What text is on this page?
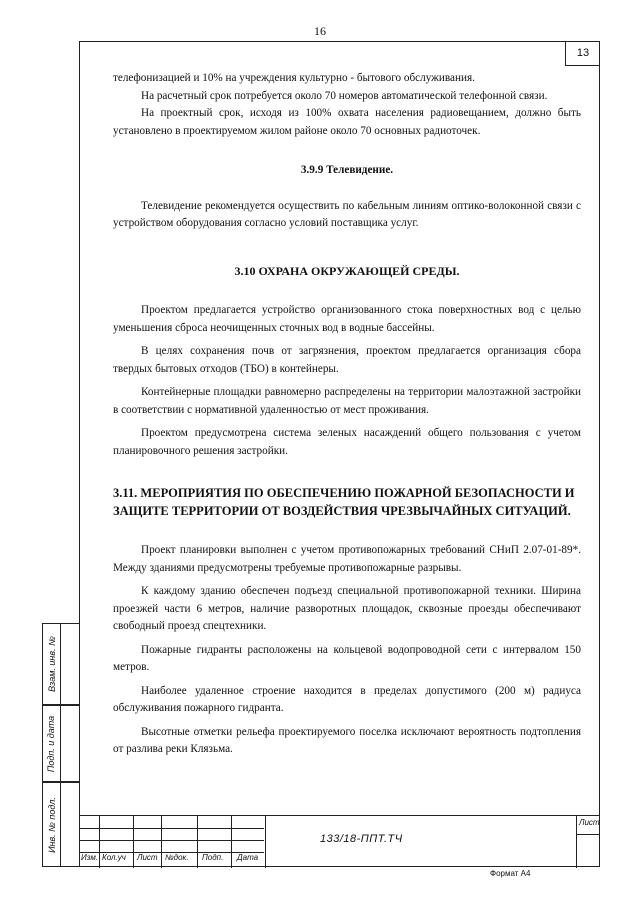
16
13
Взам. инв. №
Подп. и дата
Инв. № подл.

телефонизацией и 10% на учреждения культурно - бытового обслуживания.

На расчетный срок потребуется около 70 номеров автоматической телефонной связи.

На проектный срок, исходя из 100% охвата населения радиовещанием, должно быть установлено в проектируемом жилом районе около 70 основных радиоточек.

3.9.9 Телевидение.

Телевидение рекомендуется осуществить по кабельным линиям оптико-волоконной связи с устройством оборудования согласно условий поставщика услуг.

3.10 ОХРАНА ОКРУЖАЮЩЕЙ СРЕДЫ.

Проектом предлагается устройство организованного стока поверхностных вод с целью уменьшения сброса неочищенных сточных вод в водные бассейны.

В целях сохранения почв от загрязнения, проектом предлагается организация сбора твердых бытовых отходов (ТБО) в контейнеры.

Контейнерные площадки равномерно распределены на территории малоэтажной застройки в соответствии с нормативной удаленностью от мест проживания.

Проектом предусмотрена система зеленых насаждений общего пользования с учетом планировочного решения застройки.

3.11. МЕРОПРИЯТИЯ ПО ОБЕСПЕЧЕНИЮ ПОЖАРНОЙ БЕЗОПАСНОСТИ И ЗАЩИТЕ ТЕРРИТОРИИ ОТ ВОЗДЕЙСТВИЯ ЧРЕЗВЫЧАЙНЫХ СИТУАЦИЙ.

Проект планировки выполнен с учетом противопожарных требований СНиП 2.07-01-89*. Между зданиями предусмотрены требуемые противопожарные разрывы.

К каждому зданию обеспечен подъезд специальной противопожарной техники. Ширина проезжей части 6 метров, наличие разворотных площадок, сквозные проезды обеспечивают свободный проезд спецтехники.

Пожарные гидранты расположены на кольцевой водопроводной сети с интервалом 150 метров.

Наиболее удаленное строение находится в пределах допустимого (200 м) радиуса обслуживания пожарного гидранта.

Высотные отметки рельефа проектируемого поселка исключают вероятность подтопления от разлива реки Клязьма.

Изм. Кол.уч Лист №док. Подп. Дата
133/18-ППТ.ТЧ
Лист
Формат А4
